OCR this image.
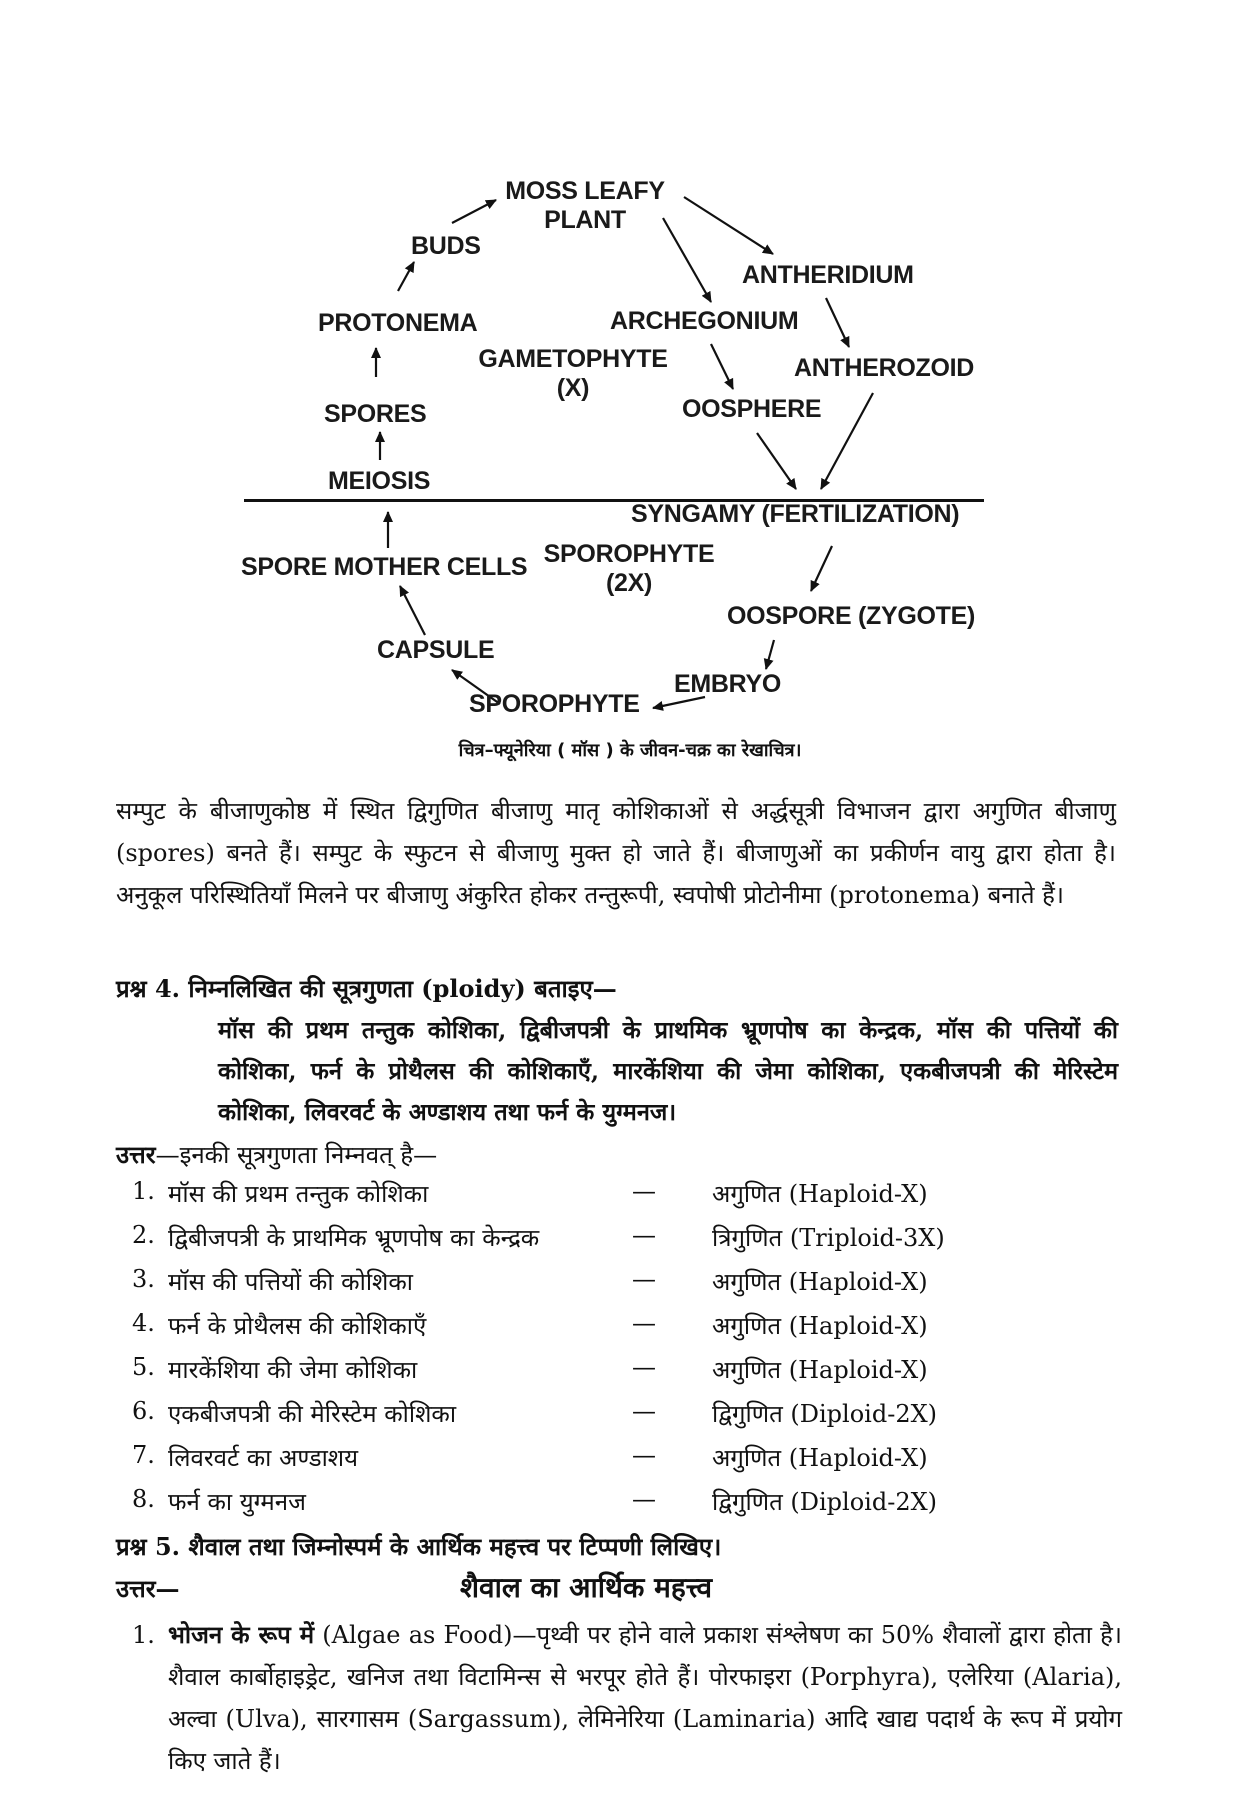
MOSS LEAFY
PLANT
BUDS
ANTHERIDIUM
PROTONEMA	ARCHEGONIUM
GAMETOPHYTE
(X)
ANTHEROZOID
SPORES	OOSPHERE
MEIOSIS
SYNGAMY (FERTILIZATION)
SPORE MOTHER CELLS SPOROPHYTE
(2X)
OOSPORE (ZYGOTE)
CAPSULE
EMBRYO
SPOROPHYTE
चित्र–फ्यूनेरिया ( मॉस ) के जीवन-चक्र का रेखाचित्र।
सम्पुट के बीजाणुकोष्ठ में स्थित द्विगुणित बीजाणु मातृ कोशिकाओं से अर्द्धसूत्री विभाजन द्वारा अगुणित बीजाणु (spores) बनते हैं। सम्पुट के स्फुटन से बीजाणु मुक्त हो जाते हैं। बीजाणुओं का प्रकीर्णन वायु द्वारा होता है। अनुकूल परिस्थितियाँ मिलने पर बीजाणु अंकुरित होकर तन्तुरूपी, स्वपोषी प्रोटोनीमा (protonema) बनाते हैं।
प्रश्न 4. निम्नलिखित की सूत्रगुणता (ploidy) बताइए—
मॉस की प्रथम तन्तुक कोशिका, द्विबीजपत्री के प्राथमिक भ्रूणपोष का केन्द्रक, मॉस की पत्तियों की कोशिका, फर्न के प्रोथैलस की कोशिकाएँ, मारकेंशिया की जेमा कोशिका, एकबीजपत्री की मेरिस्टेम कोशिका, लिवरवर्ट के अण्डाशय तथा फर्न के युग्मनज।
उत्तर—इनकी सूत्रगुणता निम्नवत् है—
1. मॉस की प्रथम तन्तुक कोशिका	— अगुणित (Haploid-X)
2. द्विबीजपत्री के प्राथमिक भ्रूणपोष का केन्द्रक	— त्रिगुणित (Triploid-3X)
3. मॉस की पत्तियों की कोशिका	— अगुणित (Haploid-X)
4. फर्न के प्रोथैलस की कोशिकाएँ	— अगुणित (Haploid-X)
5. मारकेंशिया की जेमा कोशिका	— अगुणित (Haploid-X)
6. एकबीजपत्री की मेरिस्टेम कोशिका	— द्विगुणित (Diploid-2X)
7. लिवरवर्ट का अण्डाशय	— अगुणित (Haploid-X)
8. फर्न का युग्मनज	— द्विगुणित (Diploid-2X)
प्रश्न 5. शैवाल तथा जिम्नोस्पर्म के आर्थिक महत्त्व पर टिप्पणी लिखिए।
उत्तर—	शैवाल का आर्थिक महत्त्व
1. भोजन के रूप में (Algae as Food)—पृथ्वी पर होने वाले प्रकाश संश्लेषण का 50% शैवालों द्वारा होता है। शैवाल कार्बोहाइड्रेट, खनिज तथा विटामिन्स से भरपूर होते हैं। पोरफाइरा (Porphyra), एलेरिया (Alaria), अल्वा (Ulva), सारगासम (Sargassum), लेमिनेरिया (Laminaria) आदि खाद्य पदार्थ के रूप में प्रयोग किए जाते हैं।
